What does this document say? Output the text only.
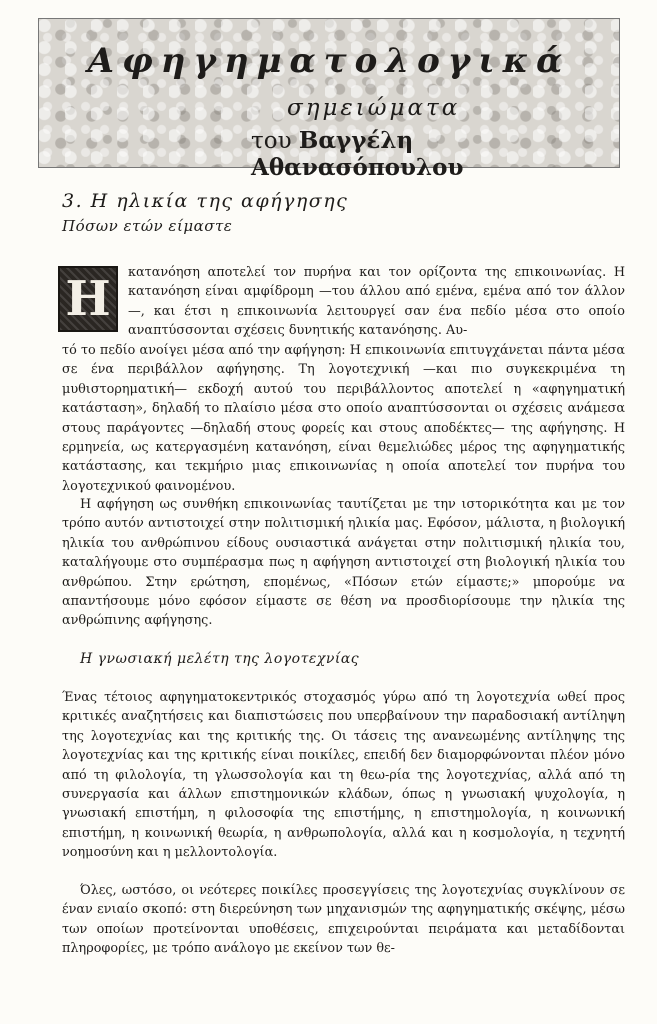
Αφηγηματολογικά
σημειώματα
του Βαγγέλη Αθανασόπουλου
3. Η ηλικία της αφήγησης
Πόσων ετών είμαστε
Η κατανόηση αποτελεί τον πυρήνα και τον ορίζοντα της επικοινωνίας. Η κατανόηση είναι αμφίδρομη —του άλλου από εμένα, εμένα από τον άλλον—, και έτσι η επικοινωνία λειτουργεί σαν ένα πεδίο μέσα στο οποίο αναπτύσσονται σχέσεις δυνητικής κατανόησης. Αυ-
τό το πεδίο ανοίγει μέσα από την αφήγηση: Η επικοινωνία επιτυγχάνεται πάντα μέσα σε ένα περιβάλλον αφήγησης. Τη λογοτεχνική —και πιο συγκεκριμένα τη μυθιστορηματική— εκδοχή αυτού του περιβάλλοντος αποτελεί η «αφηγηματική κατάσταση», δηλαδή το πλαίσιο μέσα στο οποίο αναπτύσσονται οι σχέσεις ανάμεσα στους παράγοντες —δηλαδή στους φορείς και στους αποδέκτες— της αφήγησης. Η ερμηνεία, ως κατεργασμένη κατανόηση, είναι θεμελιώδες μέρος της αφηγηματικής κατάστασης, και τεκμήριο μιας επικοινωνίας η οποία αποτελεί τον πυρήνα του λογοτεχνικού φαινομένου.
Η αφήγηση ως συνθήκη επικοινωνίας ταυτίζεται με την ιστορικότητα και με τον τρόπο αυτόν αντιστοιχεί στην πολιτισμική ηλικία μας. Εφόσον, μάλιστα, η βιολογική ηλικία του ανθρώπινου είδους ουσιαστικά ανάγεται στην πολιτισμική ηλικία του, καταλήγουμε στο συμπέρασμα πως η αφήγηση αντιστοιχεί στη βιολογική ηλικία του ανθρώπου. Στην ερώτηση, επομένως, «Πόσων ετών είμαστε;» μπορούμε να απαντήσουμε μόνο εφόσον είμαστε σε θέση να προσδιορίσουμε την ηλικία της ανθρώπινης αφήγησης.
Η γνωσιακή μελέτη της λογοτεχνίας
Ένας τέτοιος αφηγηματοκεντρικός στοχασμός γύρω από τη λογοτεχνία ωθεί προς κριτικές αναζητήσεις και διαπιστώσεις που υπερβαίνουν την παραδοσιακή αντίληψη της λογοτεχνίας και της κριτικής της. Οι τάσεις της ανανεωμένης αντίληψης της λογοτεχνίας και της κριτικής είναι ποικίλες, επειδή δεν διαμορφώνονται πλέον μόνο από τη φιλολογία, τη γλωσσολογία και τη θεω-ρία της λογοτεχνίας, αλλά από τη συνεργασία και άλλων επιστημονικών κλάδων, όπως η γνωσιακή ψυχολογία, η γνωσιακή επιστήμη, η φιλοσοφία της επιστήμης, η επιστημολογία, η κοινωνική επιστήμη, η κοινωνική θεωρία, η ανθρωπολογία, αλλά και η κοσμολογία, η τεχνητή νοημοσύνη και η μελλοντολογία.
Όλες, ωστόσο, οι νεότερες ποικίλες προσεγγίσεις της λογοτεχνίας συγκλίνουν σε έναν ενιαίο σκοπό: στη διερεύνηση των μηχανισμών της αφηγηματικής σκέψης, μέσω των οποίων προτείνονται υποθέσεις, επιχειρούνται πειράματα και μεταδίδονται πληροφορίες, με τρόπο ανάλογο με εκείνον των θε-
